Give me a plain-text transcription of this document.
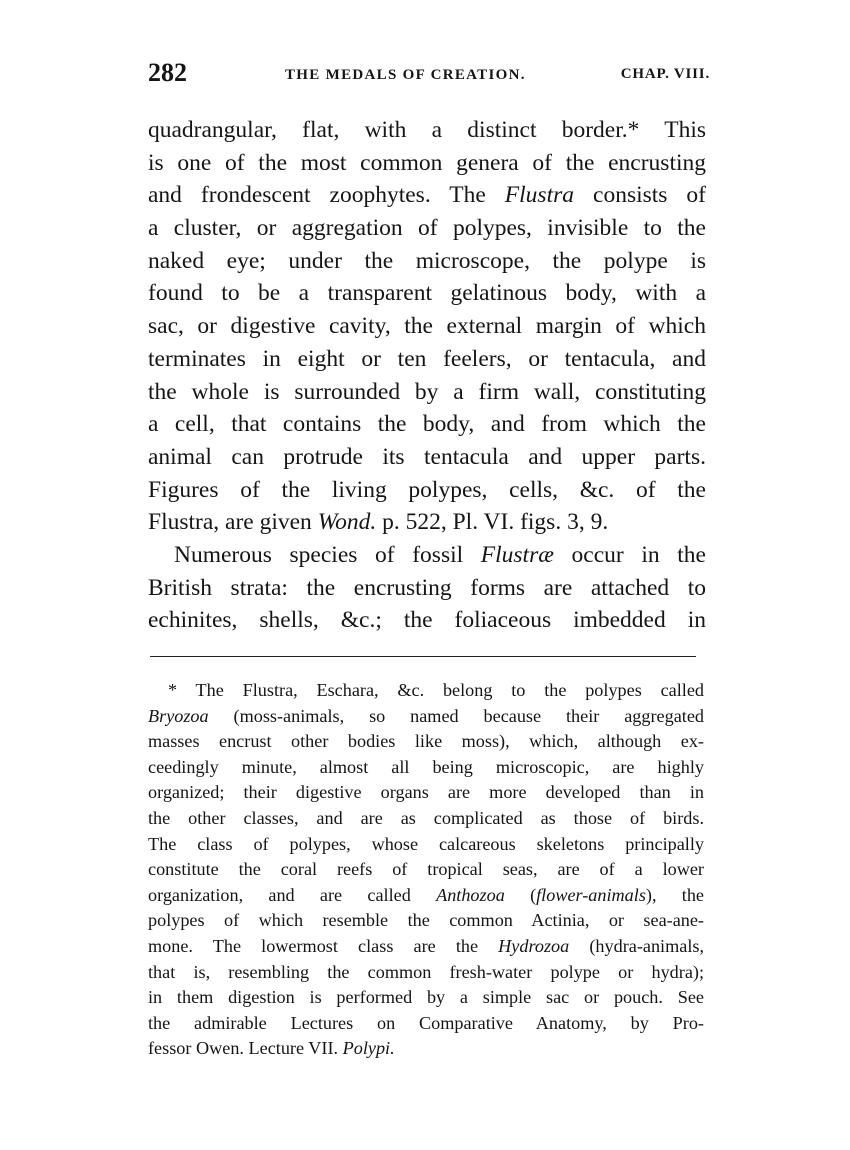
282	THE MEDALS OF CREATION.	CHAP. VIII.
quadrangular, flat, with a distinct border.* This
is one of the most common genera of the encrusting
and frondescent zoophytes. The Flustra consists of
a cluster, or aggregation of polypes, invisible to the
naked eye; under the microscope, the polype is
found to be a transparent gelatinous body, with a
sac, or digestive cavity, the external margin of which
terminates in eight or ten feelers, or tentacula, and
the whole is surrounded by a firm wall, constituting
a cell, that contains the body, and from which the
animal can protrude its tentacula and upper parts.
Figures of the living polypes, cells, &c. of the
Flustra, are given Wond. p. 522, Pl. VI. figs. 3, 9.
Numerous species of fossil Flustræ occur in the
British strata: the encrusting forms are attached to
echinites, shells, &c.; the foliaceous imbedded in
* The Flustra, Eschara, &c. belong to the polypes called
Bryozoa (moss-animals, so named because their aggregated
masses encrust other bodies like moss), which, although ex-
ceedingly minute, almost all being microscopic, are highly
organized; their digestive organs are more developed than in
the other classes, and are as complicated as those of birds.
The class of polypes, whose calcareous skeletons principally
constitute the coral reefs of tropical seas, are of a lower
organization, and are called Anthozoa (flower-animals), the
polypes of which resemble the common Actinia, or sea-ane-
mone. The lowermost class are the Hydrozoa (hydra-animals,
that is, resembling the common fresh-water polype or hydra);
in them digestion is performed by a simple sac or pouch. See
the admirable Lectures on Comparative Anatomy, by Pro-
fessor Owen. Lecture VII. Polypi.
